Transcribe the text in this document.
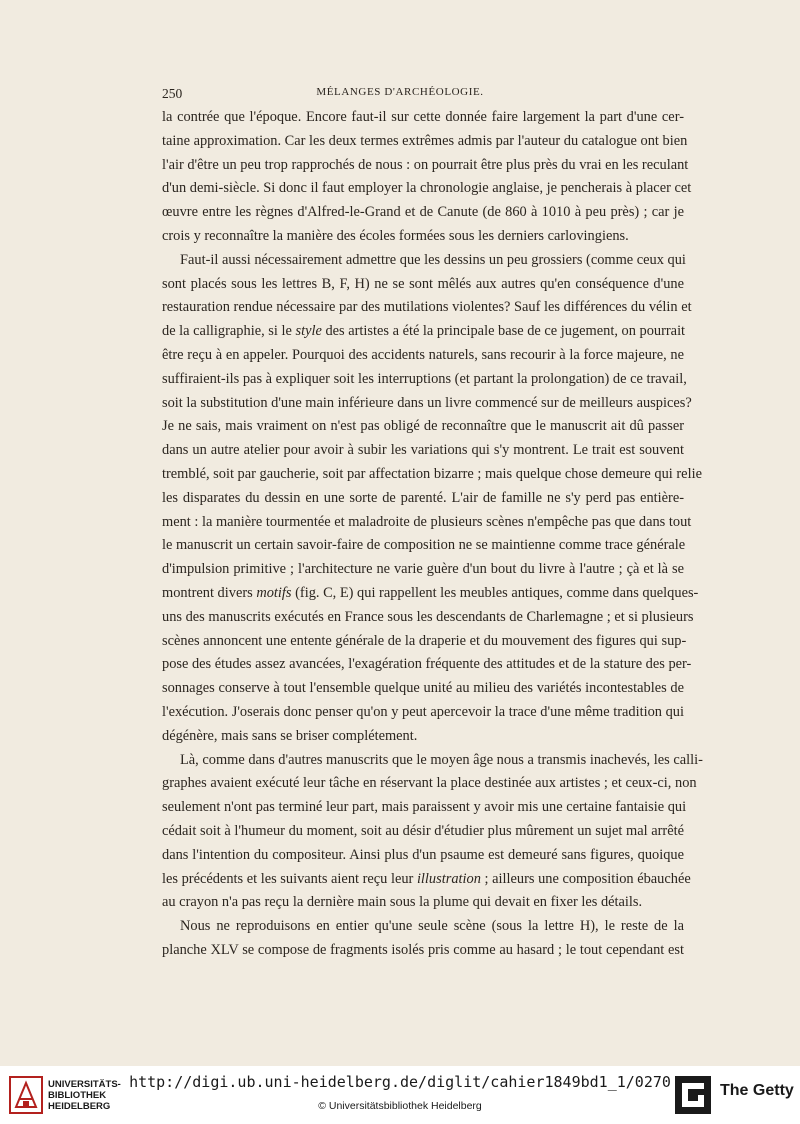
250	MÉLANGES D'ARCHÉOLOGIE.

la contrée que l'époque. Encore faut-il sur cette donnée faire largement la part d'une cer-
taine approximation. Car les deux termes extrêmes admis par l'auteur du catalogue ont bien
l'air d'être un peu trop rapprochés de nous : on pourrait être plus près du vrai en les reculant
d'un demi-siècle. Si donc il faut employer la chronologie anglaise, je pencherais à placer cet
œuvre entre les règnes d'Alfred-le-Grand et de Canute (de 860 à 1010 à peu près) ; car je
crois y reconnaître la manière des écoles formées sous les derniers carlovingiens.

Faut-il aussi nécessairement admettre que les dessins un peu grossiers (comme ceux qui
sont placés sous les lettres B, F, H) ne se sont mêlés aux autres qu'en conséquence d'une
restauration rendue nécessaire par des mutilations violentes? Sauf les différences du vélin et
de la calligraphie, si le style des artistes a été la principale base de ce jugement, on pourrait
être reçu à en appeler. Pourquoi des accidents naturels, sans recourir à la force majeure, ne
suffiraient-ils pas à expliquer soit les interruptions (et partant la prolongation) de ce travail,
soit la substitution d'une main inférieure dans un livre commencé sur de meilleurs auspices?
Je ne sais, mais vraiment on n'est pas obligé de reconnaître que le manuscrit ait dû passer
dans un autre atelier pour avoir à subir les variations qui s'y montrent. Le trait est souvent
tremblé, soit par gaucherie, soit par affectation bizarre ; mais quelque chose demeure qui relie
les disparates du dessin en une sorte de parenté. L'air de famille ne s'y perd pas entière-
ment : la manière tourmentée et maladroite de plusieurs scènes n'empêche pas que dans tout
le manuscrit un certain savoir-faire de composition ne se maintienne comme trace générale
d'impulsion primitive ; l'architecture ne varie guère d'un bout du livre à l'autre ; çà et là se
montrent divers motifs (fig. C, E) qui rappellent les meubles antiques, comme dans quelques-
uns des manuscrits exécutés en France sous les descendants de Charlemagne ; et si plusieurs
scènes annoncent une entente générale de la draperie et du mouvement des figures qui sup-
pose des études assez avancées, l'exagération fréquente des attitudes et de la stature des per-
sonnages conserve à tout l'ensemble quelque unité au milieu des variétés incontestables de
l'exécution. J'oserais donc penser qu'on y peut apercevoir la trace d'une même tradition qui
dégénère, mais sans se briser complétement.

Là, comme dans d'autres manuscrits que le moyen âge nous a transmis inachevés, les calli-
graphes avaient exécuté leur tâche en réservant la place destinée aux artistes ; et ceux-ci, non
seulement n'ont pas terminé leur part, mais paraissent y avoir mis une certaine fantaisie qui
cédait soit à l'humeur du moment, soit au désir d'étudier plus mûrement un sujet mal arrêté
dans l'intention du compositeur. Ainsi plus d'un psaume est demeuré sans figures, quoique
les précédents et les suivants aient reçu leur illustration ; ailleurs une composition ébauchée
au crayon n'a pas reçu la dernière main sous la plume qui devait en fixer les détails.

Nous ne reproduisons en entier qu'une seule scène (sous la lettre H), le reste de la
planche XLV se compose de fragments isolés pris comme au hasard ; le tout cependant est

UNIVERSITÄTS-
BIBLIOTHEK
HEIDELBERG
http://digi.ub.uni-heidelberg.de/diglit/cahier1849bd1_1/0270
© Universitätsbibliothek Heidelberg
The Getty
